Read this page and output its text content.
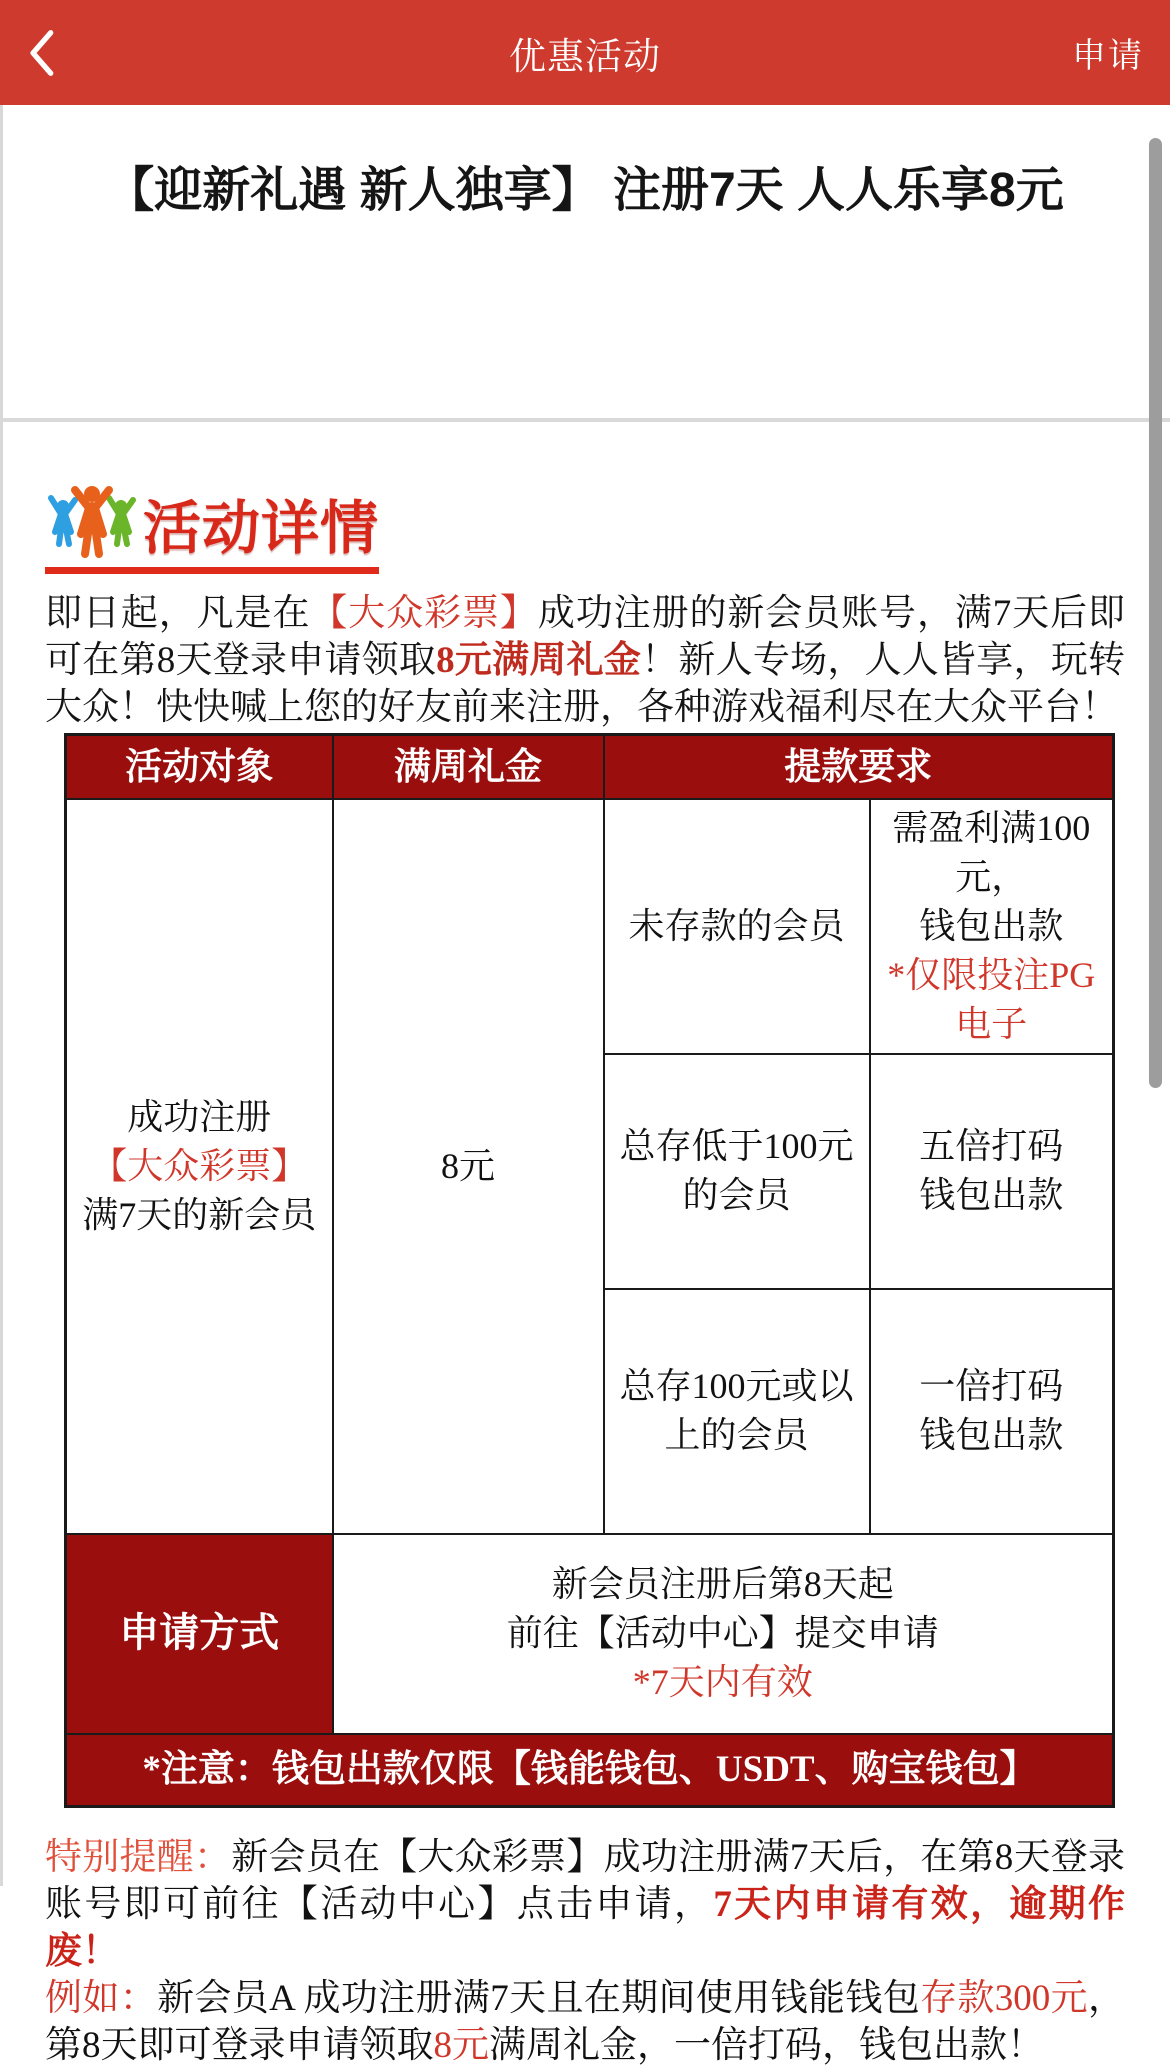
优惠活动	申请
【迎新礼遇 新人独享】 注册7天 人人乐享8元
活动详情

即日起，凡是在【大众彩票】成功注册的新会员账号，满7天后即可在第8天登录申请领取8元满周礼金！新人专场，人人皆享，玩转大众！快快喊上您的好友前来注册，各种游戏福利尽在大众平台！

活动对象	满周礼金	提款要求	

成功注册
【大众彩票】
满7天的新会员
	8元	未存款的会员	
需盈利满100元，
钱包出款
*仅限投注PG电子

		总存低于100元的会员	五倍打码
钱包出款

		总存100元或以上的会员	一倍打码
钱包出款

申请方式	新会员注册后第8天起
前往【活动中心】提交申请
*7天内有效		

*注意：钱包出款仅限【钱能钱包、USDT、购宝钱包】			

特别提醒：新会员在【大众彩票】成功注册满7天后，在第8天登录账号即可前往【活动中心】点击申请，7天内申请有效，逾期作废！

例如：新会员A 成功注册满7天且在期间使用钱能钱包存款300元，第8天即可登录申请领取8元满周礼金，一倍打码，钱包出款！
